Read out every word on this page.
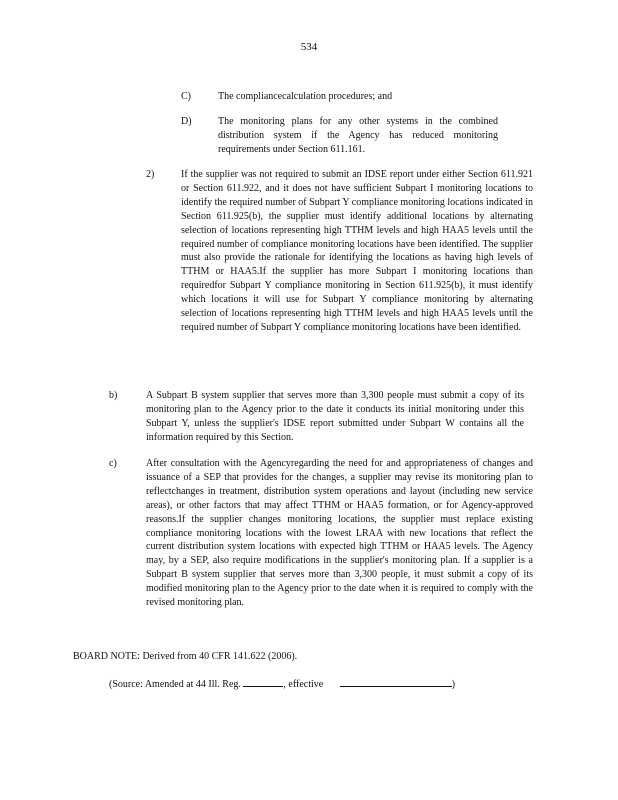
534
C)	The compliancecalculation procedures; and
D)	The monitoring plans for any other systems in the combined distribution system if the Agency has reduced monitoring requirements under Section 611.161.
2)	If the supplier was not required to submit an IDSE report under either Section 611.921 or Section 611.922, and it does not have sufficient Subpart I monitoring locations to identify the required number of Subpart Y compliance monitoring locations indicated in Section 611.925(b), the supplier must identify additional locations by alternating selection of locations representing high TTHM levels and high HAA5 levels until the required number of compliance monitoring locations have been identified. The supplier must also provide the rationale for identifying the locations as having high levels of TTHM or HAA5.If the supplier has more Subpart I monitoring locations than requiredfor Subpart Y compliance monitoring in Section 611.925(b), it must identify which locations it will use for Subpart Y compliance monitoring by alternating selection of locations representing high TTHM levels and high HAA5 levels until the required number of Subpart Y compliance monitoring locations have been identified.
b)	A Subpart B system supplier that serves more than 3,300 people must submit a copy of its monitoring plan to the Agency prior to the date it conducts its initial monitoring under this Subpart Y, unless the supplier's IDSE report submitted under Subpart W contains all the information required by this Section.
c)	After consultation with the Agencyregarding the need for and appropriateness of changes and issuance of a SEP that provides for the changes, a supplier may revise its monitoring plan to reflectchanges in treatment, distribution system operations and layout (including new service areas), or other factors that may affect TTHM or HAA5 formation, or for Agency-approved reasons.If the supplier changes monitoring locations, the supplier must replace existing compliance monitoring locations with the lowest LRAA with new locations that reflect the current distribution system locations with expected high TTHM or HAA5 levels. The Agency may, by a SEP, also require modifications in the supplier's monitoring plan. If a supplier is a Subpart B system supplier that serves more than 3,300 people, it must submit a copy of its modified monitoring plan to the Agency prior to the date when it is required to comply with the revised monitoring plan.
BOARD NOTE: Derived from 40 CFR 141.622 (2006).
(Source: Amended at 44 Ill. Reg.	, effective	)
